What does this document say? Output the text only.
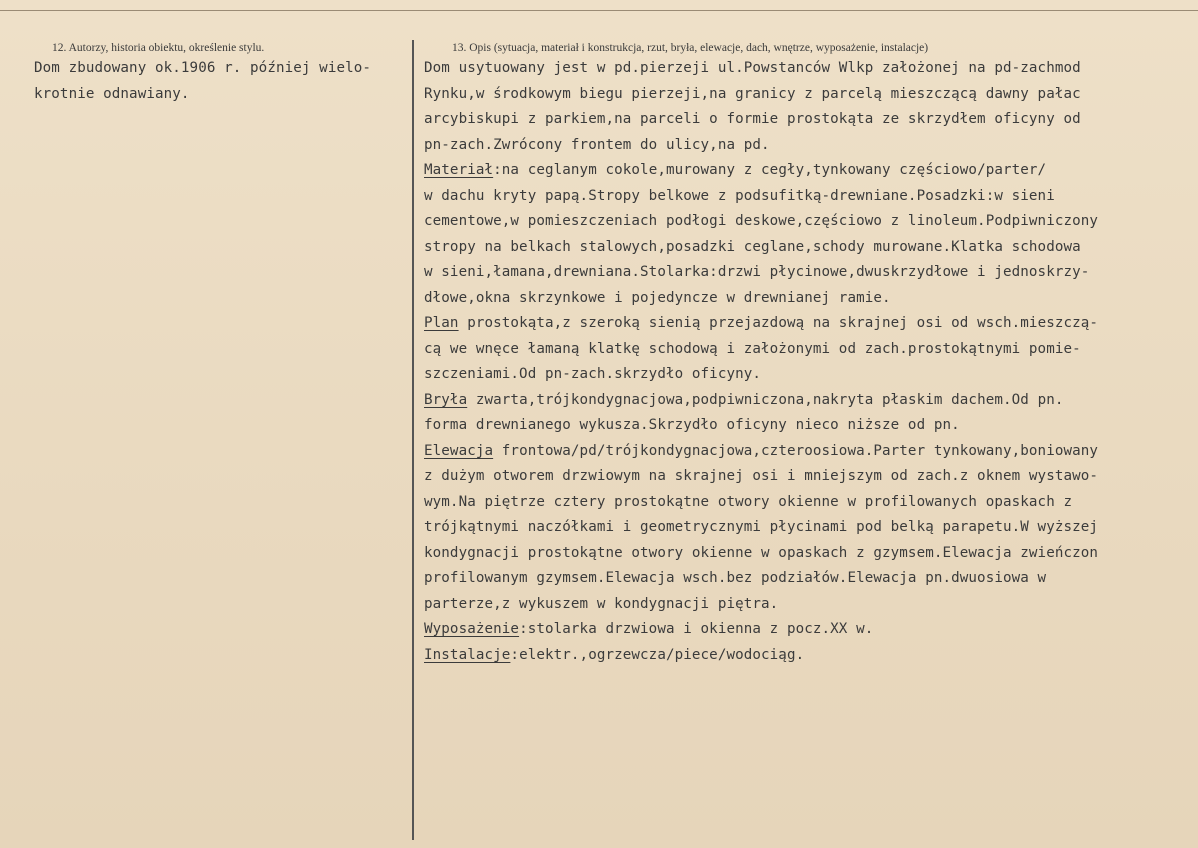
12. Autorzy, historia obiektu, określenie stylu.	13. Opis (sytuacja, materiał i konstrukcja, rzut, bryła, elewacje, dach, wnętrze, wyposażenie, instalacje)
Dom zbudowany ok.1906 r. później wielo-
krotnie odnawiany.
Dom usytuowany jest w pd.pierzeji ul.Powstanców Wlkp założonej na pd-zachmod
Rynku,w środkowym biegu pierzeji,na granicy z parcelą mieszczącą dawny pałac
arcybiskupi z parkiem,na parceli o formie prostokąta ze skrzydłem oficyny od
pn-zach.Zwrócony frontem do ulicy,na pd.
Materiał:na ceglanym cokole,murowany z cegły,tynkowany częściowo/parter/
w dachu kryty papą.Stropy belkowe z podsufitką-drewniane.Posadzki:w sieni
cementowe,w pomieszczeniach podłogi deskowe,częściowo z linoleum.Podpiwniczony
stropy na belkach stalowych,posadzki ceglane,schody murowane.Klatka schodowa
w sieni,łamana,drewniana.Stolarka:drzwi płycinowe,dwuskrzydłowe i jednoskrzy-
dłowe,okna skrzynkowe i pojedyncze w drewnianej ramie.
Plan prostokąta,z szeroką sienią przejazdową na skrajnej osi od wsch.mieszczą-
cą we wnęce łamaną klatkę schodową i założonymi od zach.prostokątnymi pomie-
szczeniami.Od pn-zach.skrzydło oficyny.
Bryła zwarta,trójkondygnacjowa,podpiwniczona,nakryta płaskim dachem.Od pn.
forma drewnianego wykusza.Skrzydło oficyny nieco niższe od pn.
Elewacja frontowa/pd/trójkondygnacjowa,czteroosiowa.Parter tynkowany,boniowany
z dużym otworem drzwiowym na skrajnej osi i mniejszym od zach.z oknem wystawo-
wym.Na piętrze cztery prostokątne otwory okienne w profilowanych opaskach z
trójkątnymi naczółkami i geometrycznymi płycinami pod belką parapetu.W wyższej
kondygnacji prostokątne otwory okienne w opaskach z gzymsem.Elewacja zwieńczon
profilowanym gzymsem.Elewacja wsch.bez podziałów.Elewacja pn.dwuosiowa w
parterze,z wykuszem w kondygnacji piętra.
Wyposażenie:stolarka drzwiowa i okienna z pocz.XX w.
Instalacje:elektr.,ogrzewcza/piece/wodociąg.
